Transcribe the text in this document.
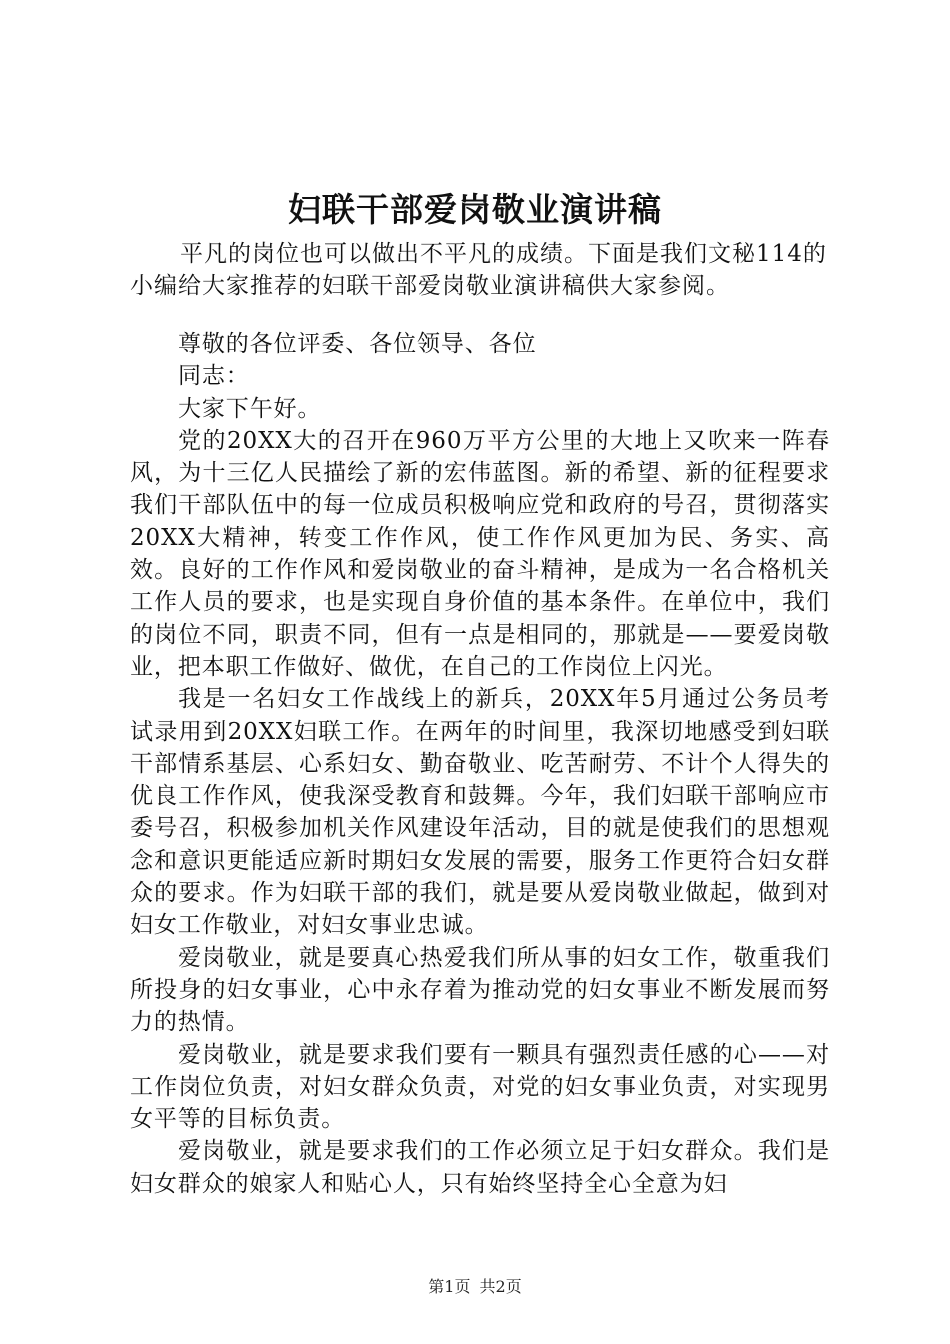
妇联干部爱岗敬业演讲稿

平凡的岗位也可以做出不平凡的成绩。下面是我们文秘114的小编给大家推荐的妇联干部爱岗敬业演讲稿供大家参阅。

尊敬的各位评委、各位领导、各位

同志：

大家下午好。

党的20XX大的召开在960万平方公里的大地上又吹来一阵春风，为十三亿人民描绘了新的宏伟蓝图。新的希望、新的征程要求我们干部队伍中的每一位成员积极响应党和政府的号召，贯彻落实20XX大精神，转变工作作风，使工作作风更加为民、务实、高效。良好的工作作风和爱岗敬业的奋斗精神，是成为一名合格机关工作人员的要求，也是实现自身价值的基本条件。在单位中，我们的岗位不同，职责不同，但有一点是相同的，那就是——要爱岗敬业，把本职工作做好、做优，在自己的工作岗位上闪光。

我是一名妇女工作战线上的新兵，20XX年5月通过公务员考试录用到20XX妇联工作。在两年的时间里，我深切地感受到妇联干部情系基层、心系妇女、勤奋敬业、吃苦耐劳、不计个人得失的优良工作作风，使我深受教育和鼓舞。今年，我们妇联干部响应市委号召，积极参加机关作风建设年活动，目的就是使我们的思想观念和意识更能适应新时期妇女发展的需要，服务工作更符合妇女群众的要求。作为妇联干部的我们，就是要从爱岗敬业做起，做到对妇女工作敬业，对妇女事业忠诚。

爱岗敬业，就是要真心热爱我们所从事的妇女工作，敬重我们所投身的妇女事业，心中永存着为推动党的妇女事业不断发展而努力的热情。

爱岗敬业，就是要求我们要有一颗具有强烈责任感的心——对工作岗位负责，对妇女群众负责，对党的妇女事业负责，对实现男女平等的目标负责。

爱岗敬业，就是要求我们的工作必须立足于妇女群众。我们是妇女群众的娘家人和贴心人，只有始终坚持全心全意为妇

第1页 共2页
